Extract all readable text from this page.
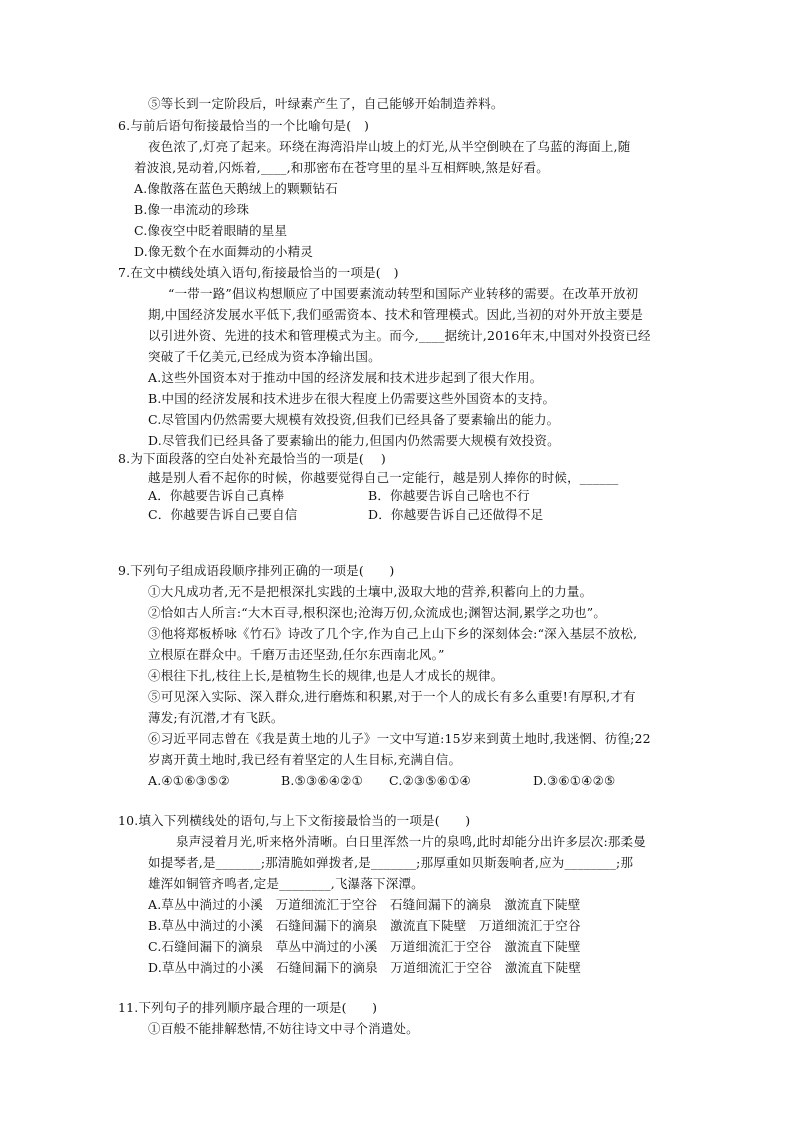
⑤等长到一定阶段后，叶绿素产生了，自己能够开始制造养料。
6.与前后语句衔接最恰当的一个比喻句是(　)
夜色浓了,灯亮了起来。环绕在海湾沿岸山坡上的灯光,从半空倒映在了乌蓝的海面上,随
着波浪,晃动着,闪烁着,____,和那密布在苍穹里的星斗互相辉映,煞是好看。
A.像散落在蓝色天鹅绒上的颗颗钻石
B.像一串流动的珍珠
C.像夜空中眨着眼睛的星星
D.像无数个在水面舞动的小精灵
7.在文中横线处填入语句,衔接最恰当的一项是(　)
“一带一路”倡议构想顺应了中国要素流动转型和国际产业转移的需要。在改革开放初
期,中国经济发展水平低下,我们亟需资本、技术和管理模式。因此,当初的对外开放主要是
以引进外资、先进的技术和管理模式为主。而今,____据统计,2016年末,中国对外投资已经
突破了千亿美元,已经成为资本净输出国。
A.这些外国资本对于推动中国的经济发展和技术进步起到了很大作用。
B.中国的经济发展和技术进步在很大程度上仍需要这些外国资本的支持。
C.尽管国内仍然需要大规模有效投资,但我们已经具备了要素输出的能力。
D.尽管我们已经具备了要素输出的能力,但国内仍然需要大规模有效投资。
8.为下面段落的空白处补充最恰当的一项是(　 )
越是别人看不起你的时候，你越要觉得自己一定能行，越是别人捧你的时候，______
A．你越要告诉自己真棒	B．你越要告诉自己啥也不行
C．你越要告诉自己要自信	D．你越要告诉自己还做得不足
9.下列句子组成语段顺序排列正确的一项是(　　)
①大凡成功者,无不是把根深扎实践的土壤中,汲取大地的营养,积蓄向上的力量。
②恰如古人所言:“大木百寻,根积深也;沧海万仞,众流成也;渊智达洞,累学之功也”。
③他将郑板桥咏《竹石》诗改了几个字,作为自己上山下乡的深刻体会:“深入基层不放松,
立根原在群众中。千磨万击还坚劲,任尔东西南北风。”
④根往下扎,枝往上长,是植物生长的规律,也是人才成长的规律。
⑤可见深入实际、深入群众,进行磨炼和积累,对于一个人的成长有多么重要!有厚积,才有
薄发;有沉潜,才有飞跃。
⑥习近平同志曾在《我是黄土地的儿子》一文中写道:15岁来到黄土地时,我迷惘、彷徨;22
岁离开黄土地时,我已经有着坚定的人生目标,充满自信。
A.④①⑥③⑤②	B.⑤③⑥④②① C.②③⑤⑥①④	D.③⑥①④②⑤
10.填入下列横线处的语句,与上下文衔接最恰当的一项是(　　)
泉声浸着月光,听来格外清晰。白日里浑然一片的泉鸣,此时却能分出许多层次:那柔曼
如提琴者,是_______;那清脆如弹拨者,是_______;那厚重如贝斯轰响者,应为________;那
雄浑如铜管齐鸣者,定是________,飞瀑落下深潭。
A.草丛中淌过的小溪　万道细流汇于空谷　石缝间漏下的滴泉　激流直下陡壁
B.草丛中淌过的小溪　石缝间漏下的滴泉　激流直下陡壁　万道细流汇于空谷
C.石缝间漏下的滴泉　草丛中淌过的小溪　万道细流汇于空谷　激流直下陡壁
D.草丛中淌过的小溪　石缝间漏下的滴泉　万道细流汇于空谷　激流直下陡壁
11.下列句子的排列顺序最合理的一项是(　　)
①百般不能排解愁情,不妨往诗文中寻个消遣处。
